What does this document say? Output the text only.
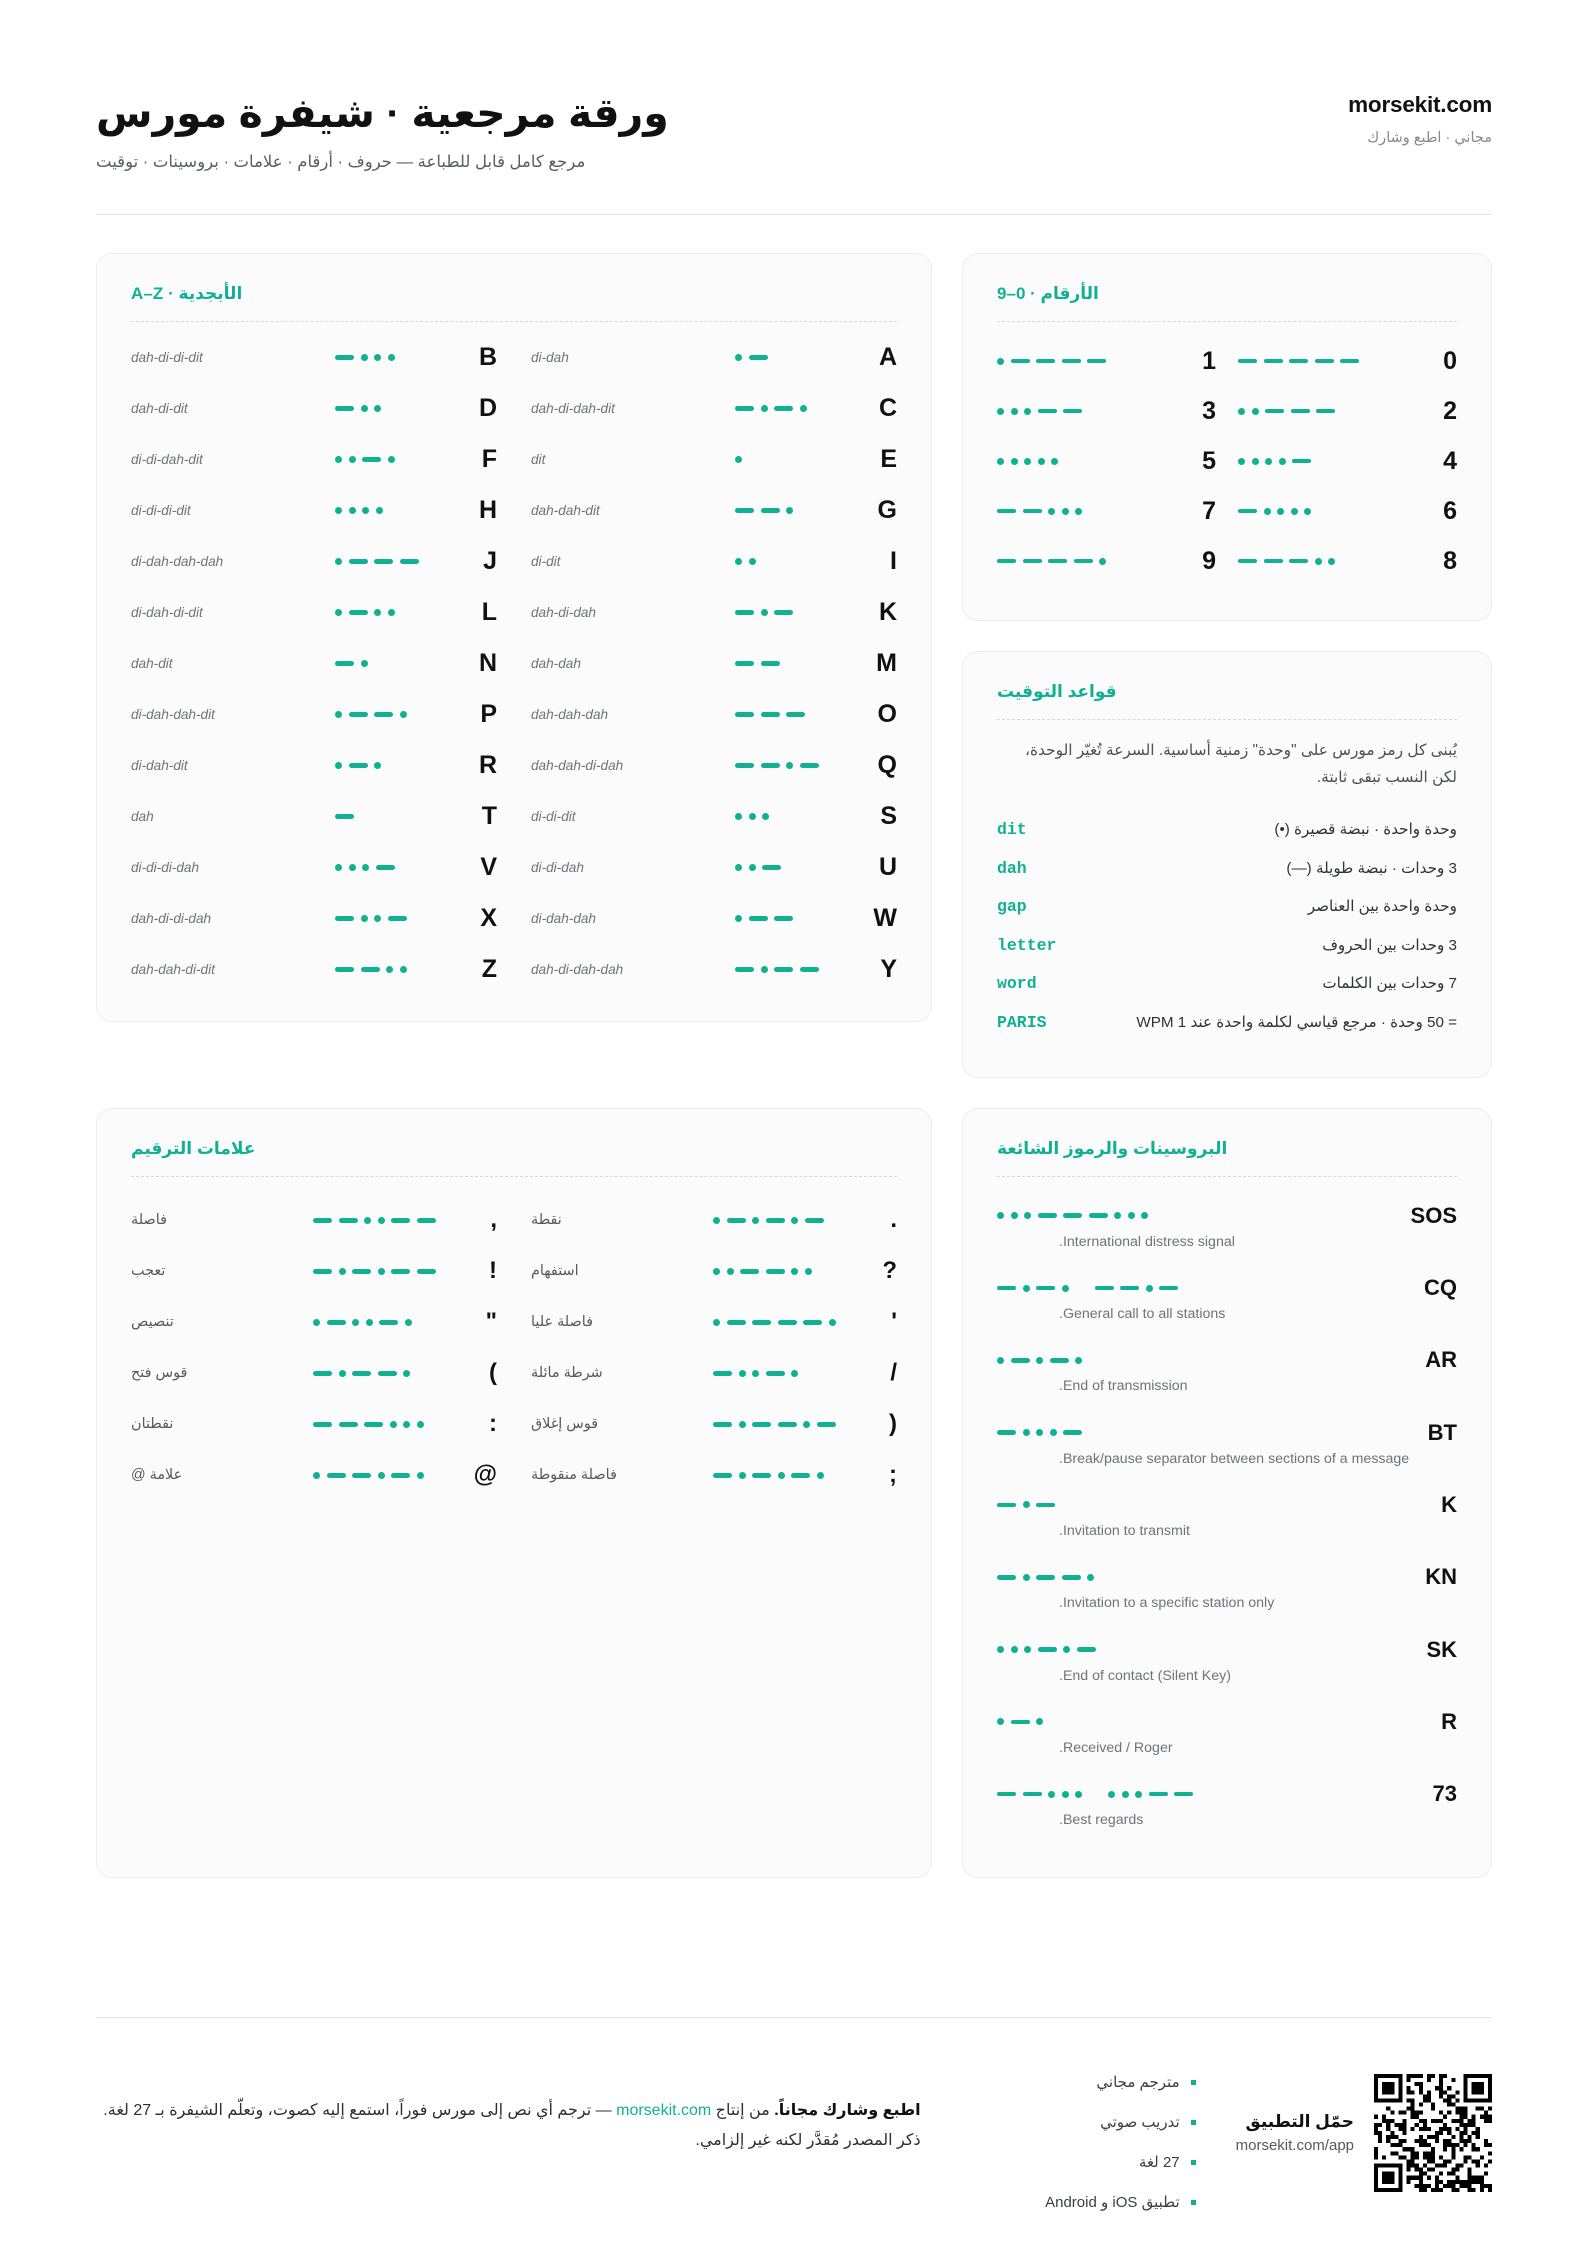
ورقة مرجعية · شيفرة مورس
مرجع كامل قابل للطباعة — حروف · أرقام · علامات · بروسينات · توقيت
morsekit.com
مجاني · اطبع وشارك
الأرقام · 0–9
0
1
2
3
4
5
6
7
8
9
قواعد التوقيت
يُبنى كل رمز مورس على "وحدة" زمنية أساسية. السرعة تُغيّر الوحدة، لكن النسب تبقى ثابتة.
وحدة واحدة · نبضة قصيرة (•)
dit
3 وحدات · نبضة طويلة (—)
dah
وحدة واحدة بين العناصر
gap
3 وحدات بين الحروف
letter
7 وحدات بين الكلمات
word
= 50 وحدة · مرجع قياسي لكلمة واحدة عند 1 WPM
PARIS
الأبجدية · A–Z
A
di-dah
B
dah-di-di-dit
C
dah-di-dah-dit
D
dah-di-dit
E
dit
F
di-di-dah-dit
G
dah-dah-dit
H
di-di-di-dit
I
di-dit
J
di-dah-dah-dah
K
dah-di-dah
L
di-dah-di-dit
M
dah-dah
N
dah-dit
O
dah-dah-dah
P
di-dah-dah-dit
Q
dah-dah-di-dah
R
di-dah-dit
S
di-di-dit
T
dah
U
di-di-dah
V
di-di-di-dah
W
di-dah-dah
X
dah-di-di-dah
Y
dah-di-dah-dah
Z
dah-dah-di-dit
البروسينات والرموز الشائعة
SOS
International distress signal.
CQ
General call to all stations.
AR
End of transmission.
BT
Break/pause separator between sections of a message.
K
Invitation to transmit.
KN
Invitation to a specific station only.
SK
End of contact (Silent Key).
R
Received / Roger.
73
Best regards.
علامات الترقيم
.
نقطة
,
فاصلة
?
استفهام
!
تعجب
'
فاصلة عليا
"
تنصيص
/
شرطة مائلة
(
قوس فتح
)
قوس إغلاق
:
نقطتان
;
فاصلة منقوطة
@
علامة @
حمّل التطبيق
morsekit.com/app
مترجم مجاني
تدريب صوتي
27 لغة
تطبيق iOS و Android
اطبع وشارك مجاناً. من إنتاج morsekit.com — ترجم أي نص إلى مورس فوراً، استمع إليه كصوت، وتعلّم الشيفرة بـ 27 لغة. ذكر المصدر مُقدَّر لكنه غير إلزامي.
